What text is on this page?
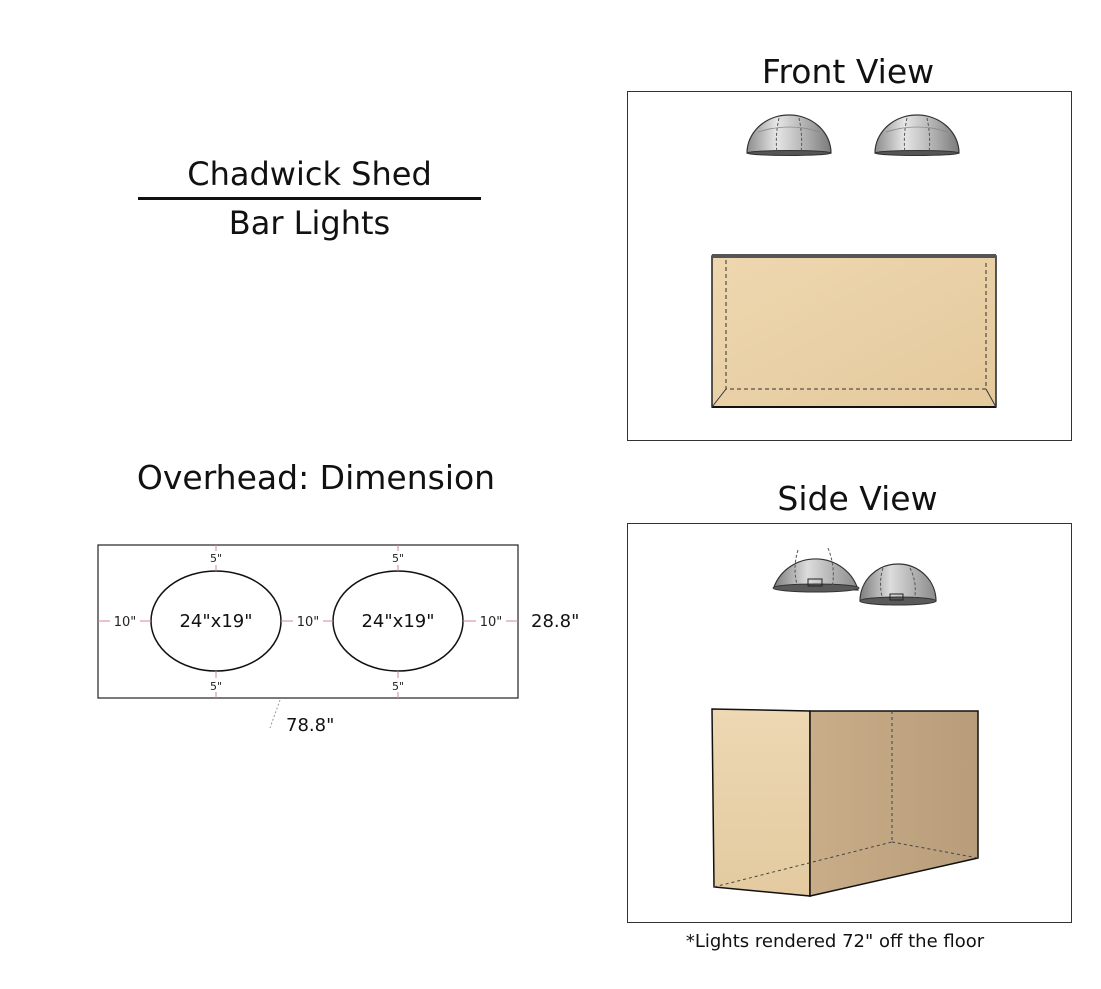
Chadwick Shed
Bar Lights
Front View
Overhead: Dimension
5"	5"
5"	5"
10"	10"	10"
24"x19"	24"x19"	28.8"
78.8"
Side View
*Lights rendered 72" off the floor
